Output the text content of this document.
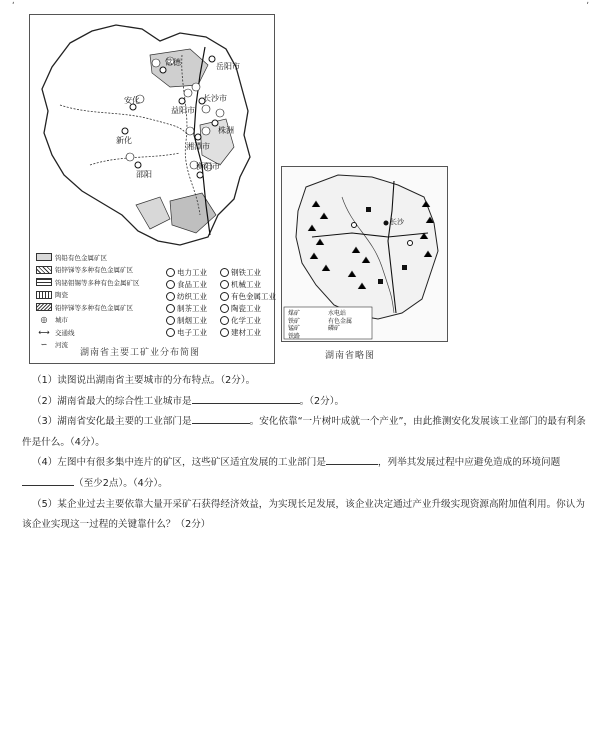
ʹ	ʹ
常德	岳阳市
安化
益阳市
长沙市
株洲
新化
湘潭市
邵阳
衡阳市
钨铅有色金属矿区
铅锌锑等多种有色金属矿区
钨铋钼锡等多种有色金属矿区
陶瓷
铅锌锑等多种有色金属矿区
◎	城市
⟷ 交通线
∽	河流
电力工业	钢铁工业
食品工业	机械工业
纺织工业	有色金属工业
制茶工业	陶瓷工业
制烟工业	化学工业
电子工业	建材工业
湖南省主要工矿业分布简图
长沙
煤矿	水电站
铁矿	有色金属
锰矿	磷矿
铁路
湖南省略图

（1）读图说出湖南省主要城市的分布特点。（2分）。

（2）湖南省最大的综合性工业城市是	。（2分）。

（3）湖南省安化最主要的工业部门是	。安化依靠“一片树叶成就一个产业”，由此推测安化发展该工业部门的最有利条件是什么。（4分）。

（4）左图中有很多集中连片的矿区，这些矿区适宜发展的工业部门是	，列举其发展过程中应避免造成的环境问题（至少2点）。（4分）。

（5）某企业过去主要依靠大量开采矿石获得经济效益，为实现长足发展，该企业决定通过产业升级实现资源高附加值利用。你认为该企业实现这一过程的关键靠什么？（2分）
